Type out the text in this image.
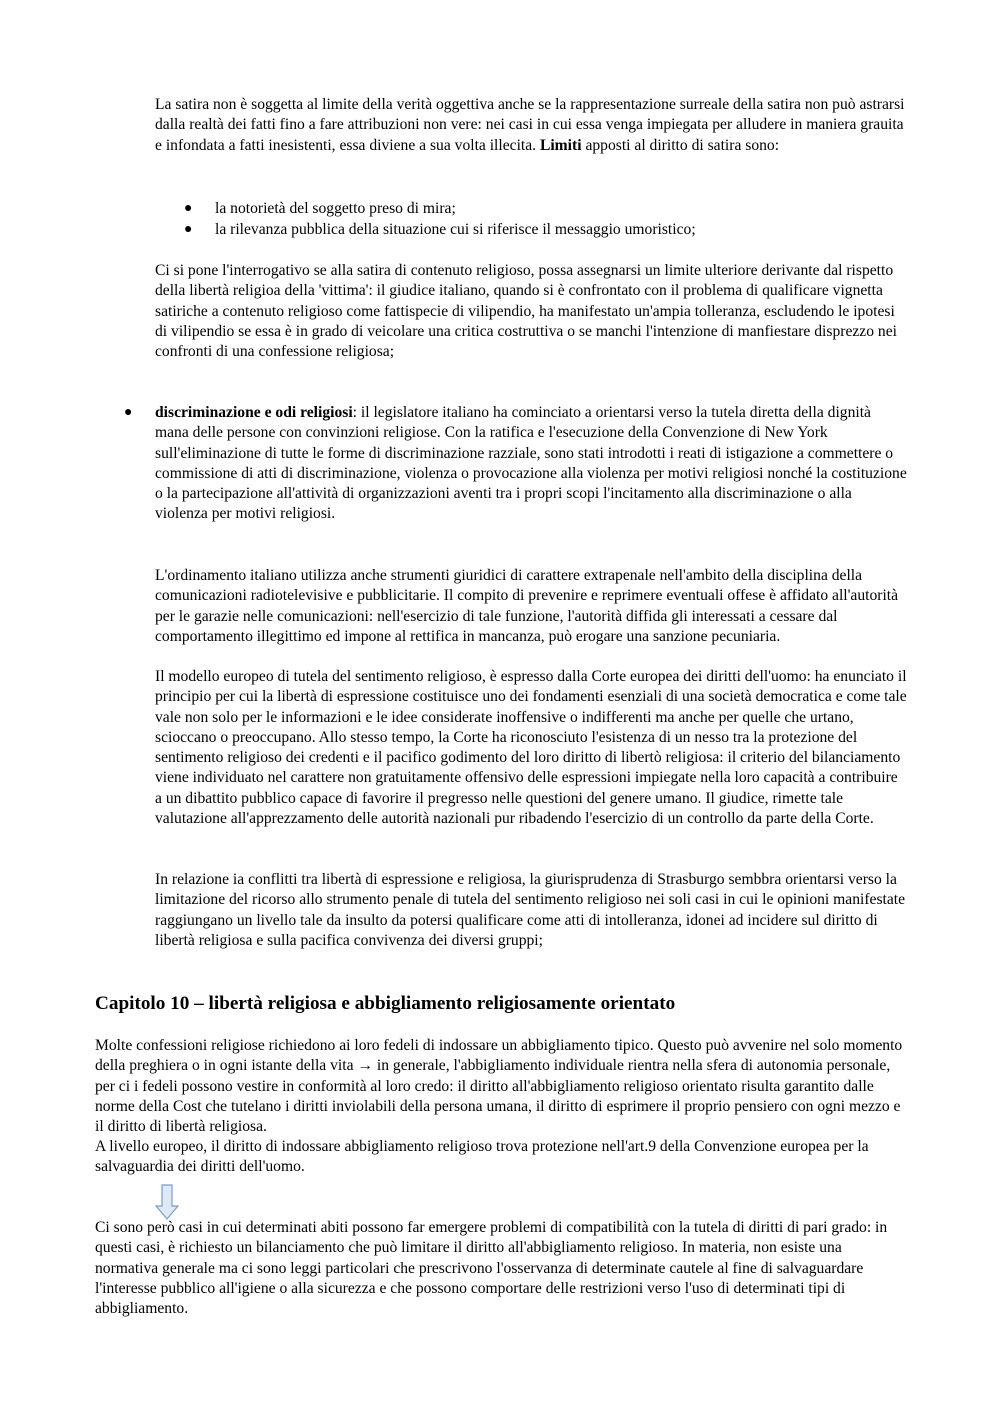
La satira non è soggetta al limite della verità oggettiva anche se la rappresentazione surreale della satira non può astrarsi dalla realtà dei fatti fino a fare attribuzioni non vere: nei casi in cui essa venga impiegata per alludere in maniera grauita e infondata a fatti inesistenti, essa diviene a sua volta illecita. Limiti apposti al diritto di satira sono:

● la notorietà del soggetto preso di mira;

● la rilevanza pubblica della situazione cui si riferisce il messaggio umoristico;

Ci si pone l'interrogativo se alla satira di contenuto religioso, possa assegnarsi un limite ulteriore derivante dal rispetto della libertà religioa della 'vittima': il giudice italiano, quando si è confrontato con il problema di qualificare vignetta satiriche a contenuto religioso come fattispecie di vilipendio, ha manifestato un'ampia tolleranza, escludendo le ipotesi di vilipendio se essa è in grado di veicolare una critica costruttiva o se manchi l'intenzione di manfiestare disprezzo nei confronti di una confessione religiosa;

● discriminazione e odi religiosi: il legislatore italiano ha cominciato a orientarsi verso la tutela diretta della dignità mana delle persone con convinzioni religiose. Con la ratifica e l'esecuzione della Convenzione di New York sull'eliminazione di tutte le forme di discriminazione razziale, sono stati introdotti i reati di istigazione a commettere o commissione di atti di discriminazione, violenza o provocazione alla violenza per motivi religiosi nonché la costituzione o la partecipazione all'attività di organizzazioni aventi tra i propri scopi l'incitamento alla discriminazione o alla violenza per motivi religiosi.

L'ordinamento italiano utilizza anche strumenti giuridici di carattere extrapenale nell'ambito della disciplina della comunicazioni radiotelevisive e pubblicitarie. Il compito di prevenire e reprimere eventuali offese è affidato all'autorità per le garazie nelle comunicazioni: nell'esercizio di tale funzione, l'autorità diffida gli interessati a cessare dal comportamento illegittimo ed impone al rettifica in mancanza, può erogare una sanzione pecuniaria.

Il modello europeo di tutela del sentimento religioso, è espresso dalla Corte europea dei diritti dell'uomo: ha enunciato il principio per cui la libertà di espressione costituisce uno dei fondamenti esenziali di una società democratica e come tale vale non solo per le informazioni e le idee considerate inoffensive o indifferenti ma anche per quelle che urtano, scioccano o preoccupano. Allo stesso tempo, la Corte ha riconosciuto l'esistenza di un nesso tra la protezione del sentimento religioso dei credenti e il pacifico godimento del loro diritto di libertò religiosa: il criterio del bilanciamento viene individuato nel carattere non gratuitamente offensivo delle espressioni impiegate nella loro capacità a contribuire a un dibattito pubblico capace di favorire il pregresso nelle questioni del genere umano. Il giudice, rimette tale valutazione all'apprezzamento delle autorità nazionali pur ribadendo l'esercizio di un controllo da parte della Corte.

In relazione ia conflitti tra libertà di espressione e religiosa, la giurisprudenza di Strasburgo sembbra orientarsi verso la limitazione del ricorso allo strumento penale di tutela del sentimento religioso nei soli casi in cui le opinioni manifestate raggiungano un livello tale da insulto da potersi qualificare come atti di intolleranza, idonei ad incidere sul diritto di libertà religiosa e sulla pacifica convivenza dei diversi gruppi;

Capitolo 10 – libertà religiosa e abbigliamento religiosamente orientato

Molte confessioni religiose richiedono ai loro fedeli di indossare un abbigliamento tipico. Questo può avvenire nel solo momento della preghiera o in ogni istante della vita → in generale, l'abbigliamento individuale rientra nella sfera di autonomia personale, per ci i fedeli possono vestire in conformità al loro credo: il diritto all'abbigliamento religioso orientato risulta garantito dalle norme della Cost che tutelano i diritti inviolabili della persona umana, il diritto di esprimere il proprio pensiero con ogni mezzo e il diritto di libertà religiosa.

A livello europeo, il diritto di indossare abbigliamento religioso trova protezione nell'art.9 della Convenzione europea per la salvaguardia dei diritti dell'uomo.

Ci sono però casi in cui determinati abiti possono far emergere problemi di compatibilità con la tutela di diritti di pari grado: in questi casi, è richiesto un bilanciamento che può limitare il diritto all'abbigliamento religioso. In materia, non esiste una normativa generale ma ci sono leggi particolari che prescrivono l'osservanza di determinate cautele al fine di salvaguardare l'interesse pubblico all'igiene o alla sicurezza e che possono comportare delle restrizioni verso l'uso di determinati tipi di abbigliamento.
